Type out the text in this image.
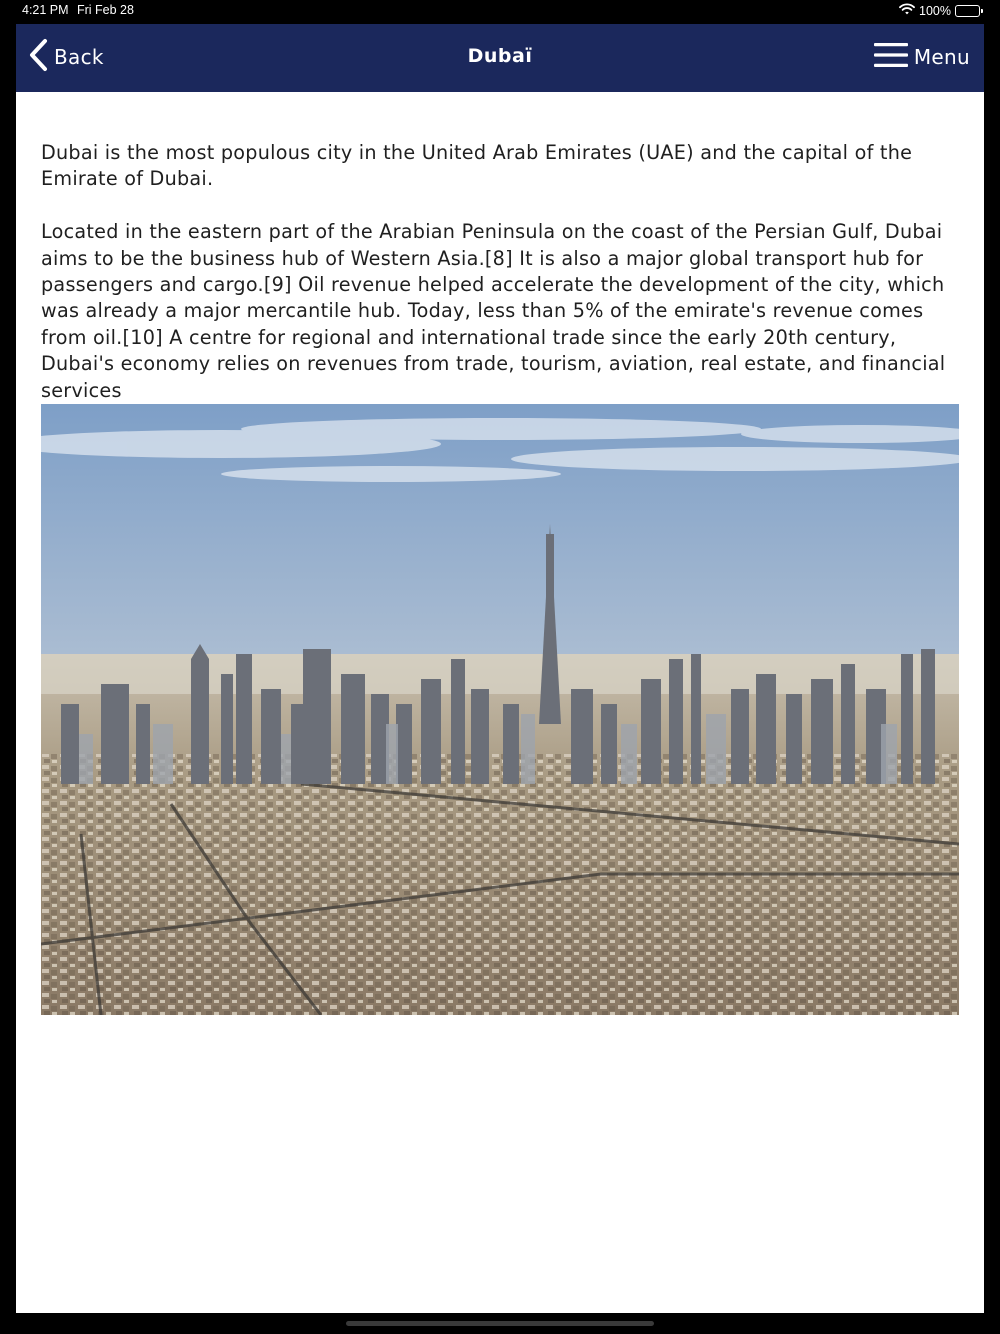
4:21 PM Fri Feb 28	100%
Back	Dubaï	Menu

Dubai is the most populous city in the United Arab Emirates (UAE) and the capital of the Emirate of Dubai.

Located in the eastern part of the Arabian Peninsula on the coast of the Persian Gulf, Dubai aims to be the business hub of Western Asia.[8] It is also a major global transport hub for passengers and cargo.[9] Oil revenue helped accelerate the development of the city, which was already a major mercantile hub. Today, less than 5% of the emirate's revenue comes from oil.[10] A centre for regional and international trade since the early 20th century, Dubai's economy relies on revenues from trade, tourism, aviation, real estate, and financial services
